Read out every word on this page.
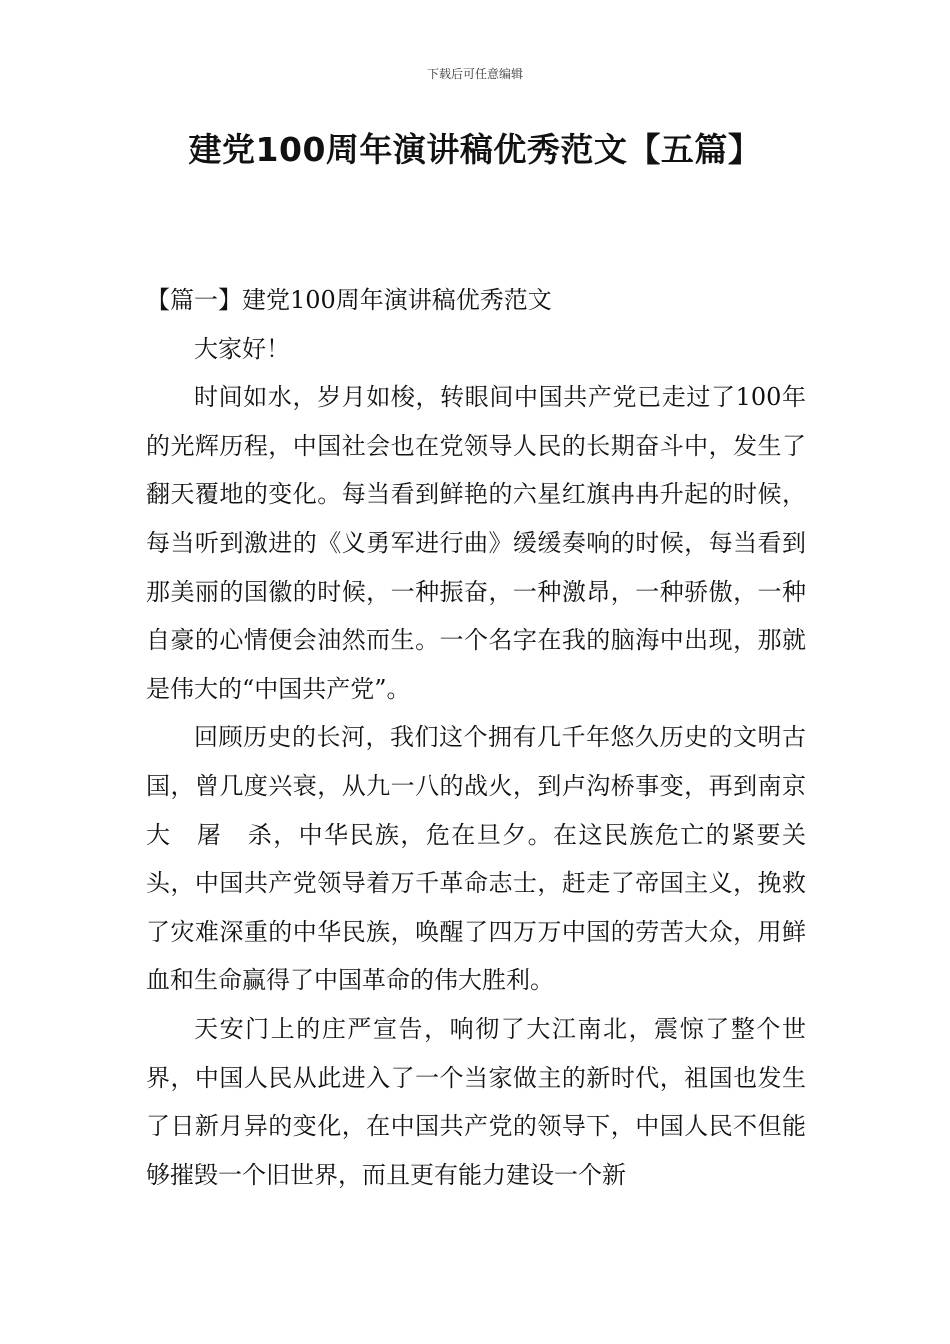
下载后可任意编辑
建党100周年演讲稿优秀范文【五篇】

【篇一】建党100周年演讲稿优秀范文

大家好！

时间如水，岁月如梭，转眼间中国共产党已走过了100年的光辉历程，中国社会也在党领导人民的长期奋斗中，发生了翻天覆地的变化。每当看到鲜艳的六星红旗冉冉升起的时候，每当听到激进的《义勇军进行曲》缓缓奏响的时候，每当看到那美丽的国徽的时候，一种振奋，一种激昂，一种骄傲，一种自豪的心情便会油然而生。一个名字在我的脑海中出现，那就是伟大的“中国共产党”。

回顾历史的长河，我们这个拥有几千年悠久历史的文明古国，曾几度兴衰，从九一八的战火，到卢沟桥事变，再到南京大　屠　杀，中华民族，危在旦夕。在这民族危亡的紧要关头，中国共产党领导着万千革命志士，赶走了帝国主义，挽救了灾难深重的中华民族，唤醒了四万万中国的劳苦大众，用鲜血和生命赢得了中国革命的伟大胜利。

天安门上的庄严宣告，响彻了大江南北，震惊了整个世界，中国人民从此进入了一个当家做主的新时代，祖国也发生了日新月异的变化，在中国共产党的领导下，中国人民不但能够摧毁一个旧世界，而且更有能力建设一个新
